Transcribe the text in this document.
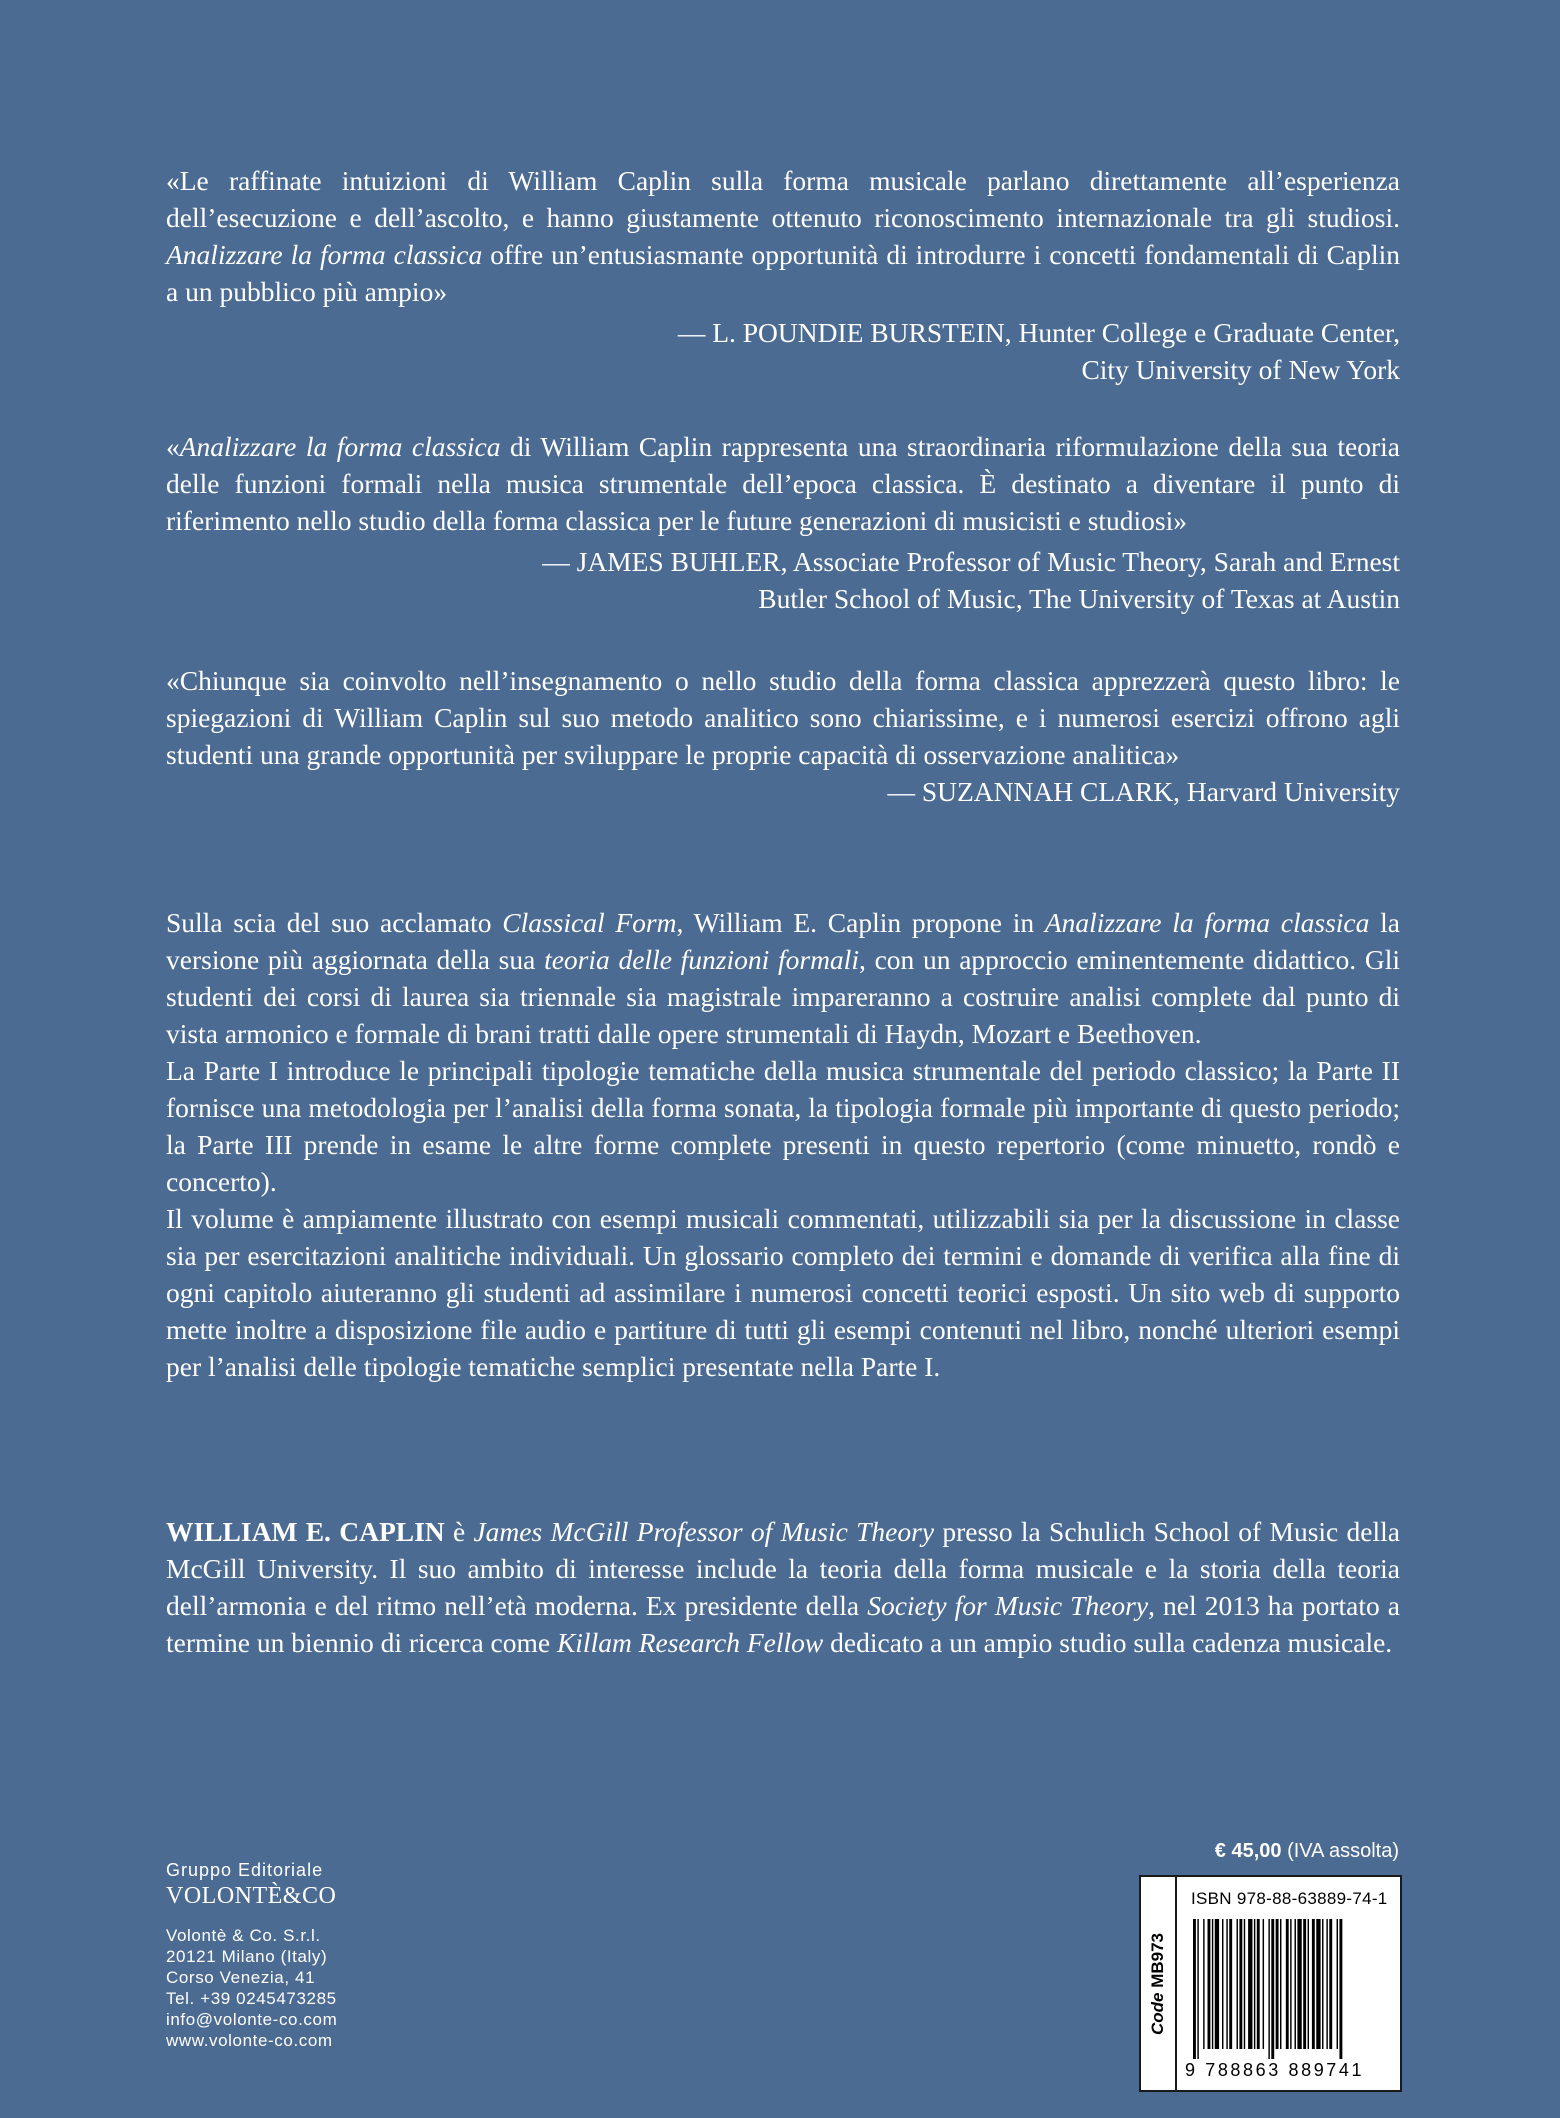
«Le raffinate intuizioni di William Caplin sulla forma musicale parlano direttamente all’esperienza dell’esecuzione e dell’ascolto, e hanno giustamente ottenuto riconoscimento internazionale tra gli studiosi. Analizzare la forma classica offre un’entusiasmante opportunità di introdurre i concetti fondamentali di Caplin a un pubblico più ampio»

— L. POUNDIE BURSTEIN, Hunter College e Graduate Center,
City University of New York

«Analizzare la forma classica di William Caplin rappresenta una straordinaria riformulazione della sua teoria delle funzioni formali nella musica strumentale dell’epoca classica. È destinato a diventare il punto di riferimento nello studio della forma classica per le future generazioni di musicisti e studiosi»

— JAMES BUHLER, Associate Professor of Music Theory, Sarah and Ernest
Butler School of Music, The University of Texas at Austin

«Chiunque sia coinvolto nell’insegnamento o nello studio della forma classica apprezzerà questo libro: le spiegazioni di William Caplin sul suo metodo analitico sono chiarissime, e i numerosi esercizi offrono agli studenti una grande opportunità per sviluppare le proprie capacità di osservazione analitica»

— SUZANNAH CLARK, Harvard University

Sulla scia del suo acclamato Classical Form, William E. Caplin propone in Analizzare la forma classica la versione più aggiornata della sua teoria delle funzioni formali, con un approccio eminentemente didattico. Gli studenti dei corsi di laurea sia triennale sia magistrale impareranno a costruire analisi complete dal punto di vista armonico e formale di brani tratti dalle opere strumentali di Haydn, Mozart e Beethoven.

La Parte I introduce le principali tipologie tematiche della musica strumentale del periodo classico; la Parte II fornisce una metodologia per l’analisi della forma sonata, la tipologia formale più importante di questo periodo; la Parte III prende in esame le altre forme complete presenti in questo repertorio (come minuetto, rondò e concerto).

Il volume è ampiamente illustrato con esempi musicali commentati, utilizzabili sia per la discussione in classe sia per esercitazioni analitiche individuali. Un glossario completo dei termini e domande di verifica alla fine di ogni capitolo aiuteranno gli studenti ad assimilare i numerosi concetti teorici esposti. Un sito web di supporto mette inoltre a disposizione file audio e partiture di tutti gli esempi contenuti nel libro, nonché ulteriori esempi per l’analisi delle tipologie tematiche semplici presentate nella Parte I.

WILLIAM E. CAPLIN è James McGill Professor of Music Theory presso la Schulich School of Music della McGill University. Il suo ambito di interesse include la teoria della forma musicale e la storia della teoria dell’armonia e del ritmo nell’età moderna. Ex presidente della Society for Music Theory, nel 2013 ha portato a termine un biennio di ricerca come Killam Research Fellow dedicato a un ampio studio sulla cadenza musicale.

Gruppo Editoriale
VOLONTÈ&CO
Volontè & Co. S.r.l.
20121 Milano (Italy)
Corso Venezia, 41
Tel. +39 0245473285
info@volonte-co.com
www.volonte-co.com
€ 45,00 (IVA assolta)
Code MB973
ISBN 978-88-63889-74-1
9 788863 889741
